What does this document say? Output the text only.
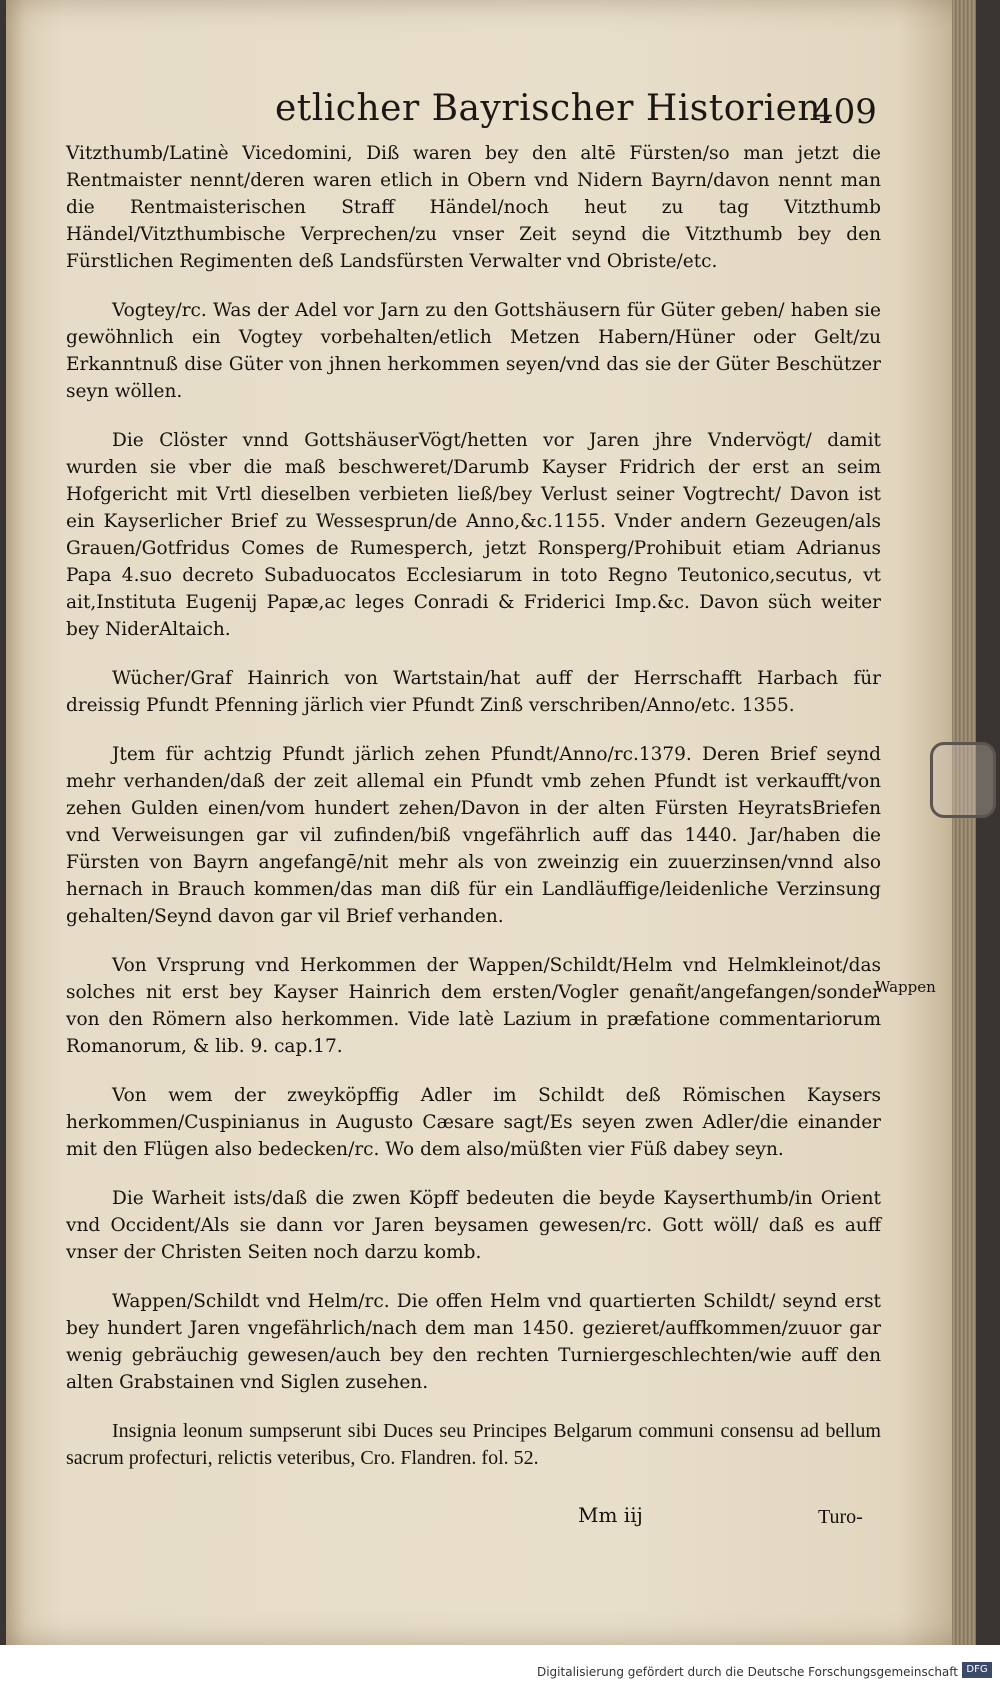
etlicher Bayrischer Historien.
409

Vitzthumb/Latinè Vicedomini, Diß waren bey den altē Fürsten/so man jetzt die Rentmaister nennt/deren waren etlich in Obern vnd Nidern Bayrn/davon nennt man die Rentmaisterischen Straff Händel/noch heut zu tag Vitzthumb Händel/Vitzthumbische Verprechen/zu vnser Zeit seynd die Vitzthumb bey den Fürstlichen Regimenten deß Landsfürsten Verwalter vnd Obriste/etc.

Vogtey/rc. Was der Adel vor Jarn zu den Gottshäusern für Güter geben/ haben sie gewöhnlich ein Vogtey vorbehalten/etlich Metzen Habern/Hüner oder Gelt/zu Erkanntnuß dise Güter von jhnen herkommen seyen/vnd das sie der Güter Beschützer seyn wöllen.

Die Clöster vnnd GottshäuserVögt/hetten vor Jaren jhre Vndervögt/ damit wurden sie vber die maß beschweret/Darumb Kayser Fridrich der erst an seim Hofgericht mit Vrtl dieselben verbieten ließ/bey Verlust seiner Vogtrecht/ Davon ist ein Kayserlicher Brief zu Wessesprun/de Anno,&c.1155. Vnder andern Gezeugen/als Grauen/Gotfridus Comes de Rumesperch, jetzt Ronsperg/Prohibuit etiam Adrianus Papa 4.suo decreto Subaduocatos Ecclesiarum in toto Regno Teutonico,secutus, vt ait,Instituta Eugenij Papæ,ac leges Conradi & Friderici Imp.&c. Davon süch weiter bey NiderAltaich.

Wücher/Graf Hainrich von Wartstain/hat auff der Herrschafft Harbach für dreissig Pfundt Pfenning järlich vier Pfundt Zinß verschriben/Anno/etc. 1355.

Jtem für achtzig Pfundt järlich zehen Pfundt/Anno/rc.1379. Deren Brief seynd mehr verhanden/daß der zeit allemal ein Pfundt vmb zehen Pfundt ist verkaufft/von zehen Gulden einen/vom hundert zehen/Davon in der alten Fürsten HeyratsBriefen vnd Verweisungen gar vil zufinden/biß vngefährlich auff das 1440. Jar/haben die Fürsten von Bayrn angefangē/nit mehr als von zweinzig ein zuuerzinsen/vnnd also hernach in Brauch kommen/das man diß für ein Landläuffige/leidenliche Verzinsung gehalten/Seynd davon gar vil Brief verhanden.

Von Vrsprung vnd Herkommen der Wappen/Schildt/Helm vnd Helmkleinot/das solches nit erst bey Kayser Hainrich dem ersten/Vogler genañt/angefangen/sonder von den Römern also herkommen. Vide latè Lazium in præfatione commentariorum Romanorum, & lib. 9. cap.17.

Von wem der zweyköpffig Adler im Schildt deß Römischen Kaysers herkommen/Cuspinianus in Augusto Cæsare sagt/Es seyen zwen Adler/die einander mit den Flügen also bedecken/rc. Wo dem also/müßten vier Füß dabey seyn.

Die Warheit ists/daß die zwen Köpff bedeuten die beyde Kayserthumb/in Orient vnd Occident/Als sie dann vor Jaren beysamen gewesen/rc. Gott wöll/ daß es auff vnser der Christen Seiten noch darzu komb.

Wappen/Schildt vnd Helm/rc. Die offen Helm vnd quartierten Schildt/ seynd erst bey hundert Jaren vngefährlich/nach dem man 1450. gezieret/auffkommen/zuuor gar wenig gebräuchig gewesen/auch bey den rechten Turniergeschlechten/wie auff den alten Grabstainen vnd Siglen zusehen.

Insignia leonum sumpserunt sibi Duces seu Principes Belgarum communi consensu ad bellum sacrum profecturi, relictis veteribus, Cro. Flandren. fol. 52.

Wappen
Mm iij	Turo-
Digitalisierung gefördert durch die Deutsche Forschungsgemeinschaft DFG
